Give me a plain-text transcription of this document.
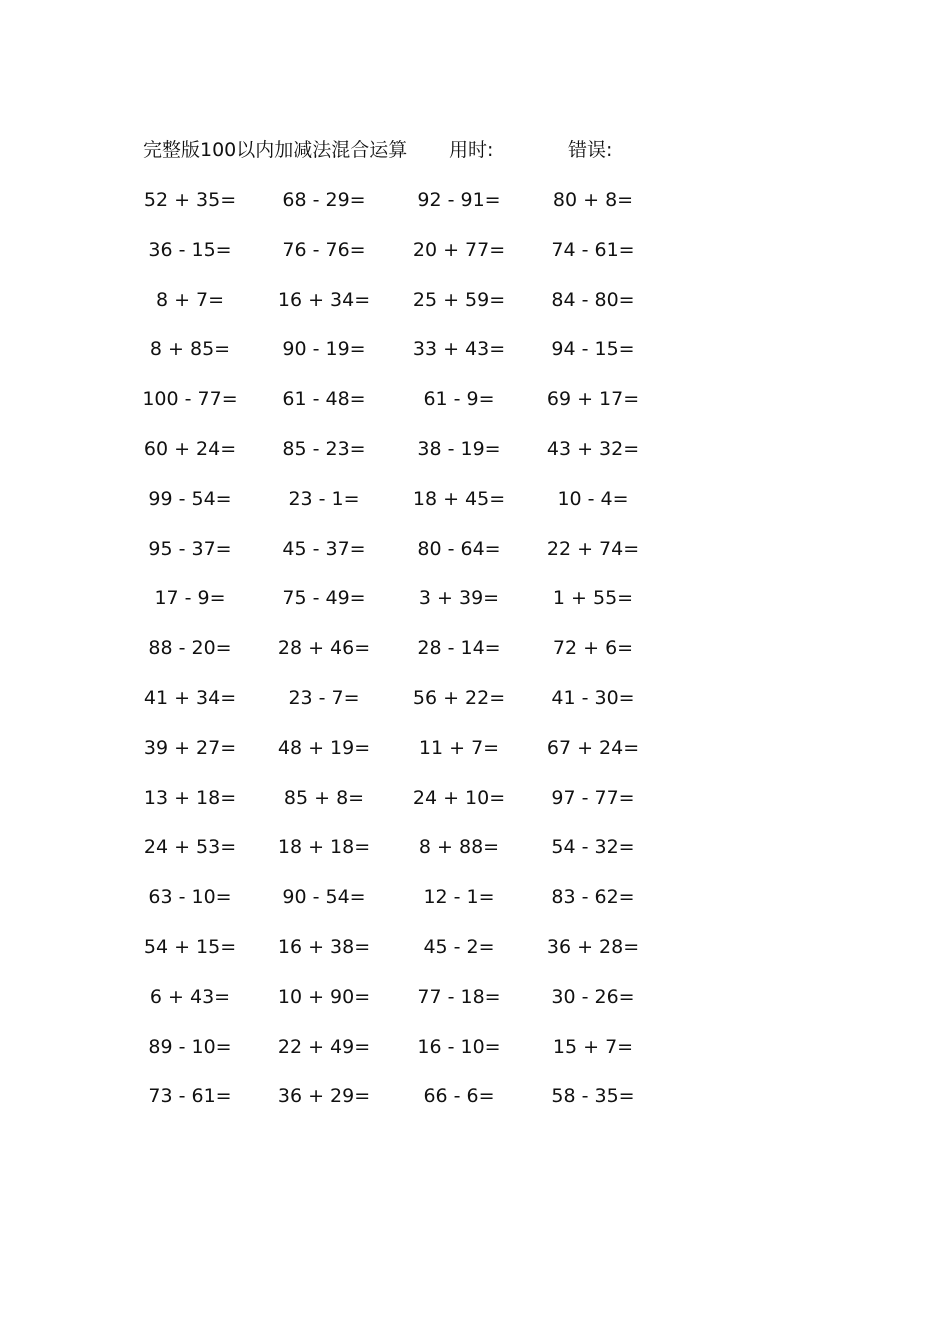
完整版100以内加减法混合运算 用时:	错误:
52 + 35=	68 - 29=	92 - 91=	80 + 8=
36 - 15=	76 - 76=	20 + 77=	74 - 61=
8 + 7=	16 + 34=	25 + 59=	84 - 80=
8 + 85=	90 - 19=	33 + 43=	94 - 15=
100 - 77=	61 - 48=	61 - 9=	69 + 17=
60 + 24=	85 - 23=	38 - 19=	43 + 32=
99 - 54=	23 - 1=	18 + 45=	10 - 4=
95 - 37=	45 - 37=	80 - 64=	22 + 74=
17 - 9=	75 - 49=	3 + 39=	1 + 55=
88 - 20=	28 + 46=	28 - 14=	72 + 6=
41 + 34=	23 - 7=	56 + 22=	41 - 30=
39 + 27=	48 + 19=	11 + 7=	67 + 24=
13 + 18=	85 + 8=	24 + 10=	97 - 77=
24 + 53=	18 + 18=	8 + 88=	54 - 32=
63 - 10=	90 - 54=	12 - 1=	83 - 62=
54 + 15=	16 + 38=	45 - 2=	36 + 28=
6 + 43=	10 + 90=	77 - 18=	30 - 26=
89 - 10=	22 + 49=	16 - 10=	15 + 7=
73 - 61=	36 + 29=	66 - 6=	58 - 35=
